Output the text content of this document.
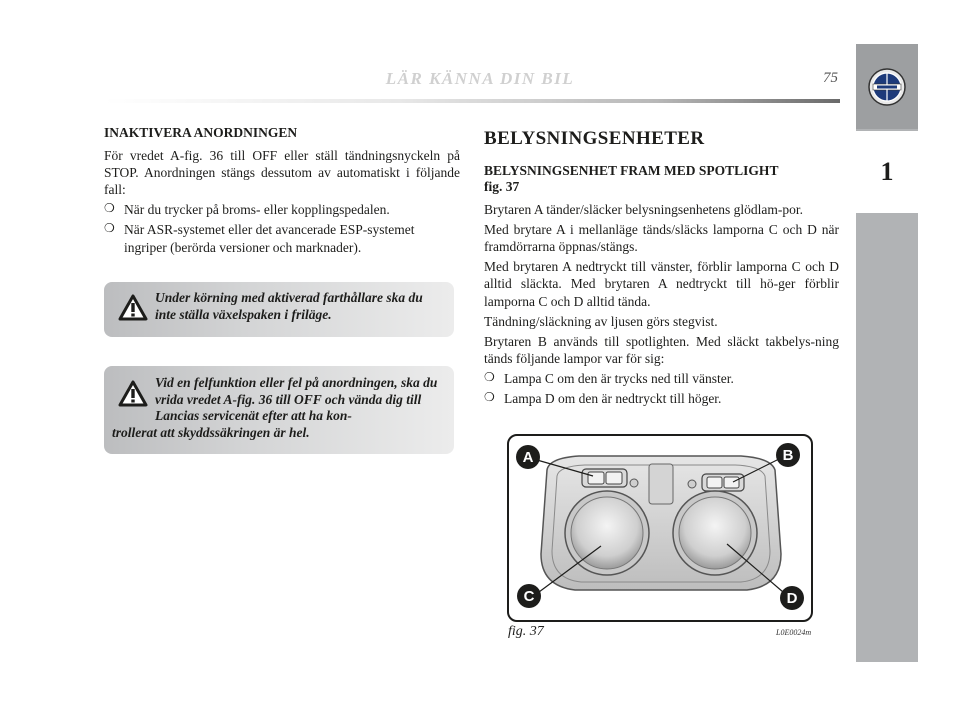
LÄR KÄNNA DIN BIL	75
1
INAKTIVERA ANORDNINGEN

För vredet A-fig. 36 till OFF eller ställ tändningsnyckeln på STOP. Anordningen stängs dessutom av automatiskt i följande fall:

❍ När du trycker på broms- eller kopplingspedalen.
❍ När ASR-systemet eller det avancerade ESP-systemet ingriper (berörda versioner och marknader).
Under körning med aktiverad farthållare ska du inte ställa växelspaken i friläge.
Vid en felfunktion eller fel på anordningen, ska du vrida vredet A-fig. 36 till OFF och vända dig till Lancias servicenät efter att ha kon-
trollerat att skyddssäkringen är hel.
BELYSNINGSENHETER
BELYSNINGSENHET FRAM MED SPOTLIGHT
fig. 37

Brytaren A tänder/släcker belysningsenhetens glödlam-por.

Med brytare A i mellanläge tänds/släcks lamporna C och D när framdörrarna öppnas/stängs.

Med brytaren A nedtryckt till vänster, förblir lamporna C och D alltid släckta. Med brytaren A nedtryckt till hö-ger förblir lamporna C och D alltid tända.

Tändning/släckning av ljusen görs stegvist.

Brytaren B används till spotlighten. Med släckt takbelys-ning tänds följande lampor var för sig:

❍ Lampa C om den är trycks ned till vänster.
❍ Lampa D om den är nedtryckt till höger.
A	B
C	D
fig. 37	L0E0024m
